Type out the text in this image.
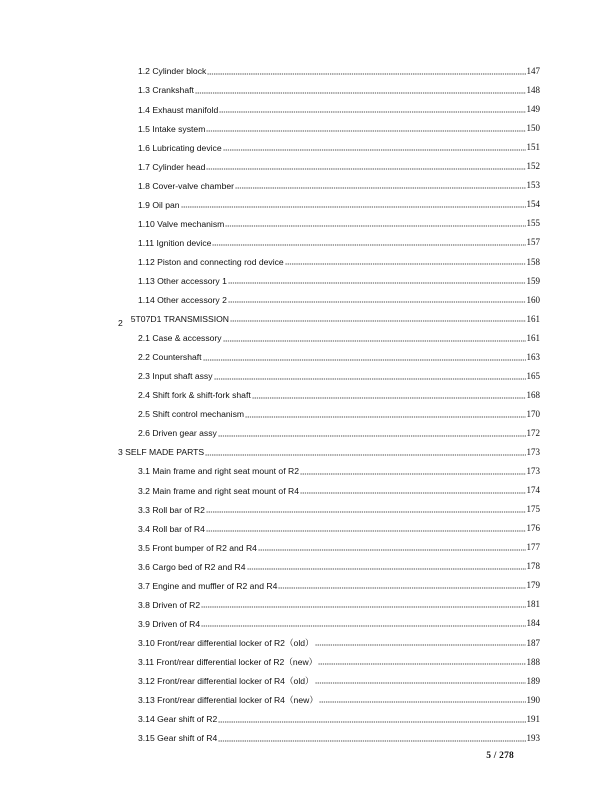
1.2 Cylinder block	147
1.3 Crankshaft	148
1.4 Exhaust manifold	149
1.5 Intake system	150
1.6 Lubricating device	151
1.7 Cylinder head	152
1.8 Cover-valve chamber	153
1.9 Oil pan	154
1.10 Valve mechanism	155
1.11 Ignition device	157
1.12 Piston and connecting rod device	158
1.13 Other accessory 1	159
1.14 Other accessory 2	160
2 5T07D1 TRANSMISSION	161
2.1 Case & accessory	161
2.2 Countershaft	163
2.3 Input shaft assy	165
2.4 Shift fork & shift-fork shaft	168
2.5 Shift control mechanism	170
2.6 Driven gear assy	172
3 SELF MADE PARTS	173
3.1 Main frame and right seat mount of R2	173
3.2 Main frame and right seat mount of R4	174
3.3 Roll bar of R2	175
3.4 Roll bar of R4	176
3.5 Front bumper of R2 and R4	177
3.6 Cargo bed of R2 and R4	178
3.7 Engine and muffler of R2 and R4	179
3.8 Driven of R2	181
3.9 Driven of R4	184
3.10 Front/rear differential locker of R2（old）	187
3.11 Front/rear differential locker of R2（new）	188
3.12 Front/rear differential locker of R4（old）	189
3.13 Front/rear differential locker of R4（new）	190
3.14 Gear shift of R2	191
3.15 Gear shift of R4	193
5 / 278
